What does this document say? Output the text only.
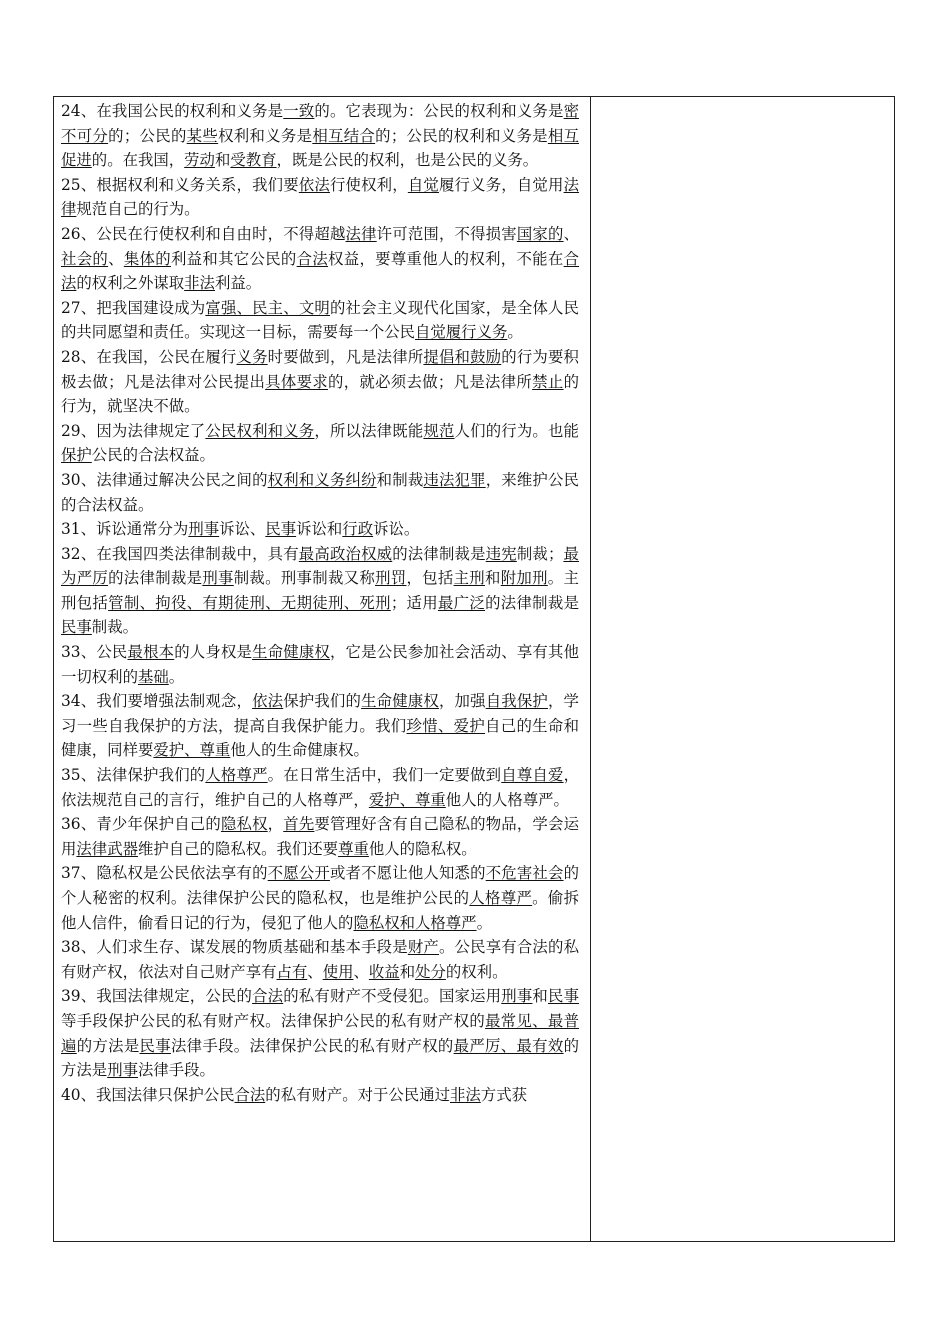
24、在我国公民的权利和义务是一致的。它表现为：公民的权利和义务是密不可分的；公民的某些权利和义务是相互结合的；公民的权利和义务是相互促进的。在我国，劳动和受教育，既是公民的权利，也是公民的义务。

25、根据权利和义务关系，我们要依法行使权利，自觉履行义务，自觉用法律规范自己的行为。

26、公民在行使权利和自由时，不得超越法律许可范围，不得损害国家的、社会的、集体的利益和其它公民的合法权益，要尊重他人的权利，不能在合法的权利之外谋取非法利益。

27、把我国建设成为富强、民主、文明的社会主义现代化国家，是全体人民的共同愿望和责任。实现这一目标，需要每一个公民自觉履行义务。

28、在我国，公民在履行义务时要做到，凡是法律所提倡和鼓励的行为要积极去做；凡是法律对公民提出具体要求的，就必须去做；凡是法律所禁止的行为，就坚决不做。

29、因为法律规定了公民权利和义务，所以法律既能规范人们的行为。也能保护公民的合法权益。

30、法律通过解决公民之间的权利和义务纠纷和制裁违法犯罪，来维护公民的合法权益。

31、诉讼通常分为刑事诉讼、民事诉讼和行政诉讼。

32、在我国四类法律制裁中，具有最高政治权威的法律制裁是违宪制裁；最为严厉的法律制裁是刑事制裁。刑事制裁又称刑罚，包括主刑和附加刑。主刑包括管制、拘役、有期徒刑、无期徒刑、死刑；适用最广泛的法律制裁是民事制裁。

33、公民最根本的人身权是生命健康权，它是公民参加社会活动、享有其他一切权利的基础。

34、我们要增强法制观念，依法保护我们的生命健康权，加强自我保护，学习一些自我保护的方法，提高自我保护能力。我们珍惜、爱护自己的生命和健康，同样要爱护、尊重他人的生命健康权。

35、法律保护我们的人格尊严。在日常生活中，我们一定要做到自尊自爱，依法规范自己的言行，维护自己的人格尊严，爱护、尊重他人的人格尊严。

36、青少年保护自己的隐私权，首先要管理好含有自己隐私的物品，学会运用法律武器维护自己的隐私权。我们还要尊重他人的隐私权。

37、隐私权是公民依法享有的不愿公开或者不愿让他人知悉的不危害社会的个人秘密的权利。法律保护公民的隐私权，也是维护公民的人格尊严。偷拆他人信件，偷看日记的行为，侵犯了他人的隐私权和人格尊严。

38、人们求生存、谋发展的物质基础和基本手段是财产。公民享有合法的私有财产权，依法对自己财产享有占有、使用、收益和处分的权利。

39、我国法律规定，公民的合法的私有财产不受侵犯。国家运用刑事和民事等手段保护公民的私有财产权。法律保护公民的私有财产权的最常见、最普遍的方法是民事法律手段。法律保护公民的私有财产权的最严厉、最有效的方法是刑事法律手段。

40、我国法律只保护公民合法的私有财产。对于公民通过非法方式获
